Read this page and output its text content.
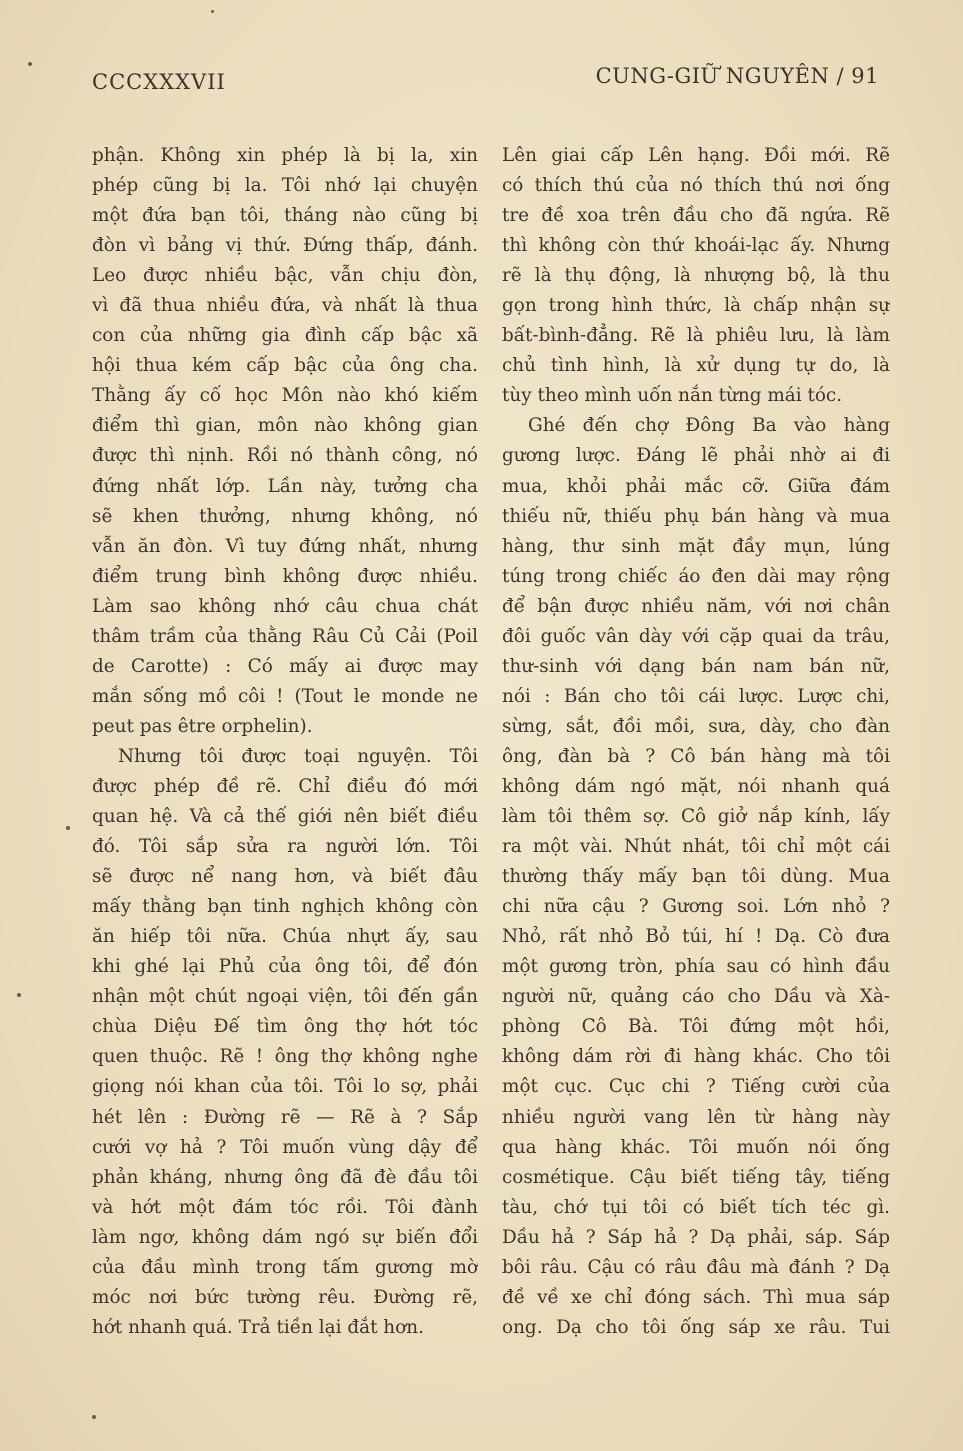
CCCXXXVII	CUNG-GIỮ NGUYÊN / 91
phận. Không xin phép là bị la, xin
phép cũng bị la. Tôi nhớ lại chuyện
một đứa bạn tôi, tháng nào cũng bị
đòn vì bảng vị thứ. Đứng thấp, đánh.
Leo được nhiều bậc, vẫn chịu đòn,
vì đã thua nhiều đứa, và nhất là thua
con của những gia đình cấp bậc xã
hội thua kém cấp bậc của ông cha.
Thằng ấy cố học Môn nào khó kiếm
điểm thì gian, môn nào không gian
được thì nịnh. Rồi nó thành công, nó
đứng nhất lớp. Lần này, tưởng cha
sẽ khen thưởng, nhưng không, nó
vẫn ăn đòn. Vì tuy đứng nhất, nhưng
điểm trung bình không được nhiều.
Làm sao không nhớ câu chua chát
thâm trầm của thằng Râu Củ Cải (Poil
de Carotte) : Có mấy ai được may
mắn sống mồ côi ! (Tout le monde ne
peut pas être orphelin).
Nhưng tôi được toại nguyện. Tôi
được phép đề rẽ. Chỉ điều đó mới
quan hệ. Và cả thế giới nên biết điều
đó. Tôi sắp sửa ra người lớn. Tôi
sẽ được nể nang hơn, và biết đâu
mấy thằng bạn tinh nghịch không còn
ăn hiếp tôi nữa. Chúa nhựt ấy, sau
khi ghé lại Phủ của ông tôi, để đón
nhận một chút ngoại viện, tôi đến gần
chùa Diệu Đế tìm ông thợ hớt tóc
quen thuộc. Rẽ ! ông thợ không nghe
giọng nói khan của tôi. Tôi lo sợ, phải
hét lên : Đường rẽ — Rẽ à ? Sắp
cưới vợ hả ? Tôi muốn vùng dậy để
phản kháng, nhưng ông đã đè đầu tôi
và hớt một đám tóc rồi. Tôi đành
làm ngơ, không dám ngó sự biến đổi
của đầu mình trong tấm gương mờ
móc nơi bức tường rêu. Đường rẽ,
hớt nhanh quá. Trả tiền lại đắt hơn.
Lên giai cấp Lên hạng. Đồi mới. Rẽ
có thích thú của nó thích thú nơi ống
tre đề xoa trên đầu cho đã ngứa. Rẽ
thì không còn thứ khoái-lạc ấy. Nhưng
rẽ là thụ động, là nhượng bộ, là thu
gọn trong hình thức, là chấp nhận sự
bất-bình-đẳng. Rẽ là phiêu lưu, là làm
chủ tình hình, là xử dụng tự do, là
tùy theo mình uốn nắn từng mái tóc.
Ghé đến chợ Đông Ba vào hàng
gương lược. Đáng lẽ phải nhờ ai đi
mua, khỏi phải mắc cỡ. Giữa đám
thiếu nữ, thiếu phụ bán hàng và mua
hàng, thư sinh mặt đầy mụn, lúng
túng trong chiếc áo đen dài may rộng
để bận được nhiều năm, với nơi chân
đôi guốc vân dày với cặp quai da trâu,
thư-sinh với dạng bán nam bán nữ,
nói : Bán cho tôi cái lược. Lược chi,
sừng, sắt, đồi mồi, sưa, dày, cho đàn
ông, đàn bà ? Cô bán hàng mà tôi
không dám ngó mặt, nói nhanh quá
làm tôi thêm sợ. Cô giở nắp kính, lấy
ra một vài. Nhút nhát, tôi chỉ một cái
thường thấy mấy bạn tôi dùng. Mua
chi nữa cậu ? Gương soi. Lớn nhỏ ?
Nhỏ, rất nhỏ Bỏ túi, hí ! Dạ. Cò đưa
một gương tròn, phía sau có hình đầu
người nữ, quảng cáo cho Dầu và Xà-
phòng Cô Bà. Tôi đứng một hồi,
không dám rời đi hàng khác. Cho tôi
một cục. Cục chi ? Tiếng cười của
nhiều người vang lên từ hàng này
qua hàng khác. Tôi muốn nói ống
cosmétique. Cậu biết tiếng tây, tiếng
tàu, chớ tụi tôi có biết tích téc gì.
Dầu hả ? Sáp hả ? Dạ phải, sáp. Sáp
bôi râu. Cậu có râu đâu mà đánh ? Dạ
đề về xe chỉ đóng sách. Thì mua sáp
ong. Dạ cho tôi ống sáp xe râu. Tui
